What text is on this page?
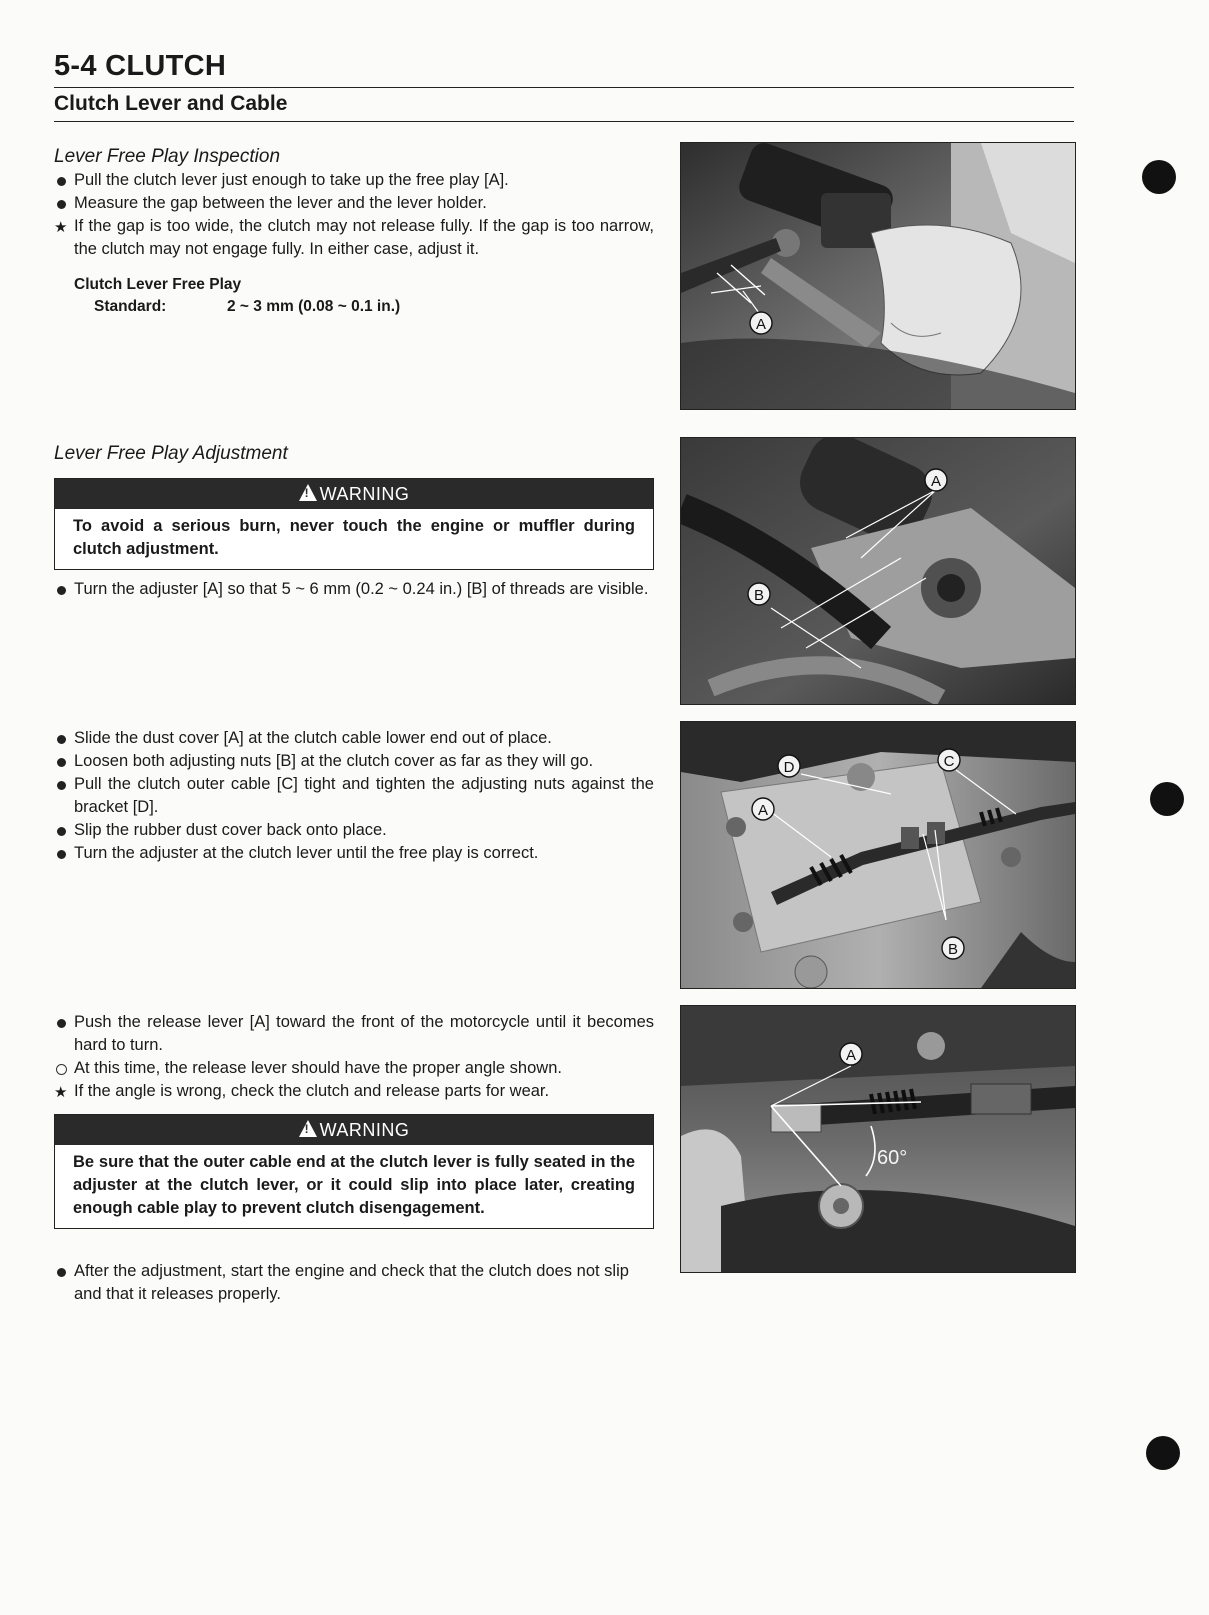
5-4 CLUTCH
Clutch Lever and Cable
Lever Free Play Inspection
Pull the clutch lever just enough to take up the free play [A].
Measure the gap between the lever and the lever holder.
★ If the gap is too wide, the clutch may not release fully. If the gap is too narrow, the clutch may not engage fully. In either case, adjust it.
Clutch Lever Free Play
Standard:	2 ~ 3 mm (0.08 ~ 0.1 in.)
Lever Free Play Adjustment
!WARNING
To avoid a serious burn, never touch the engine or muffler during clutch adjustment.
Turn the adjuster [A] so that 5 ~ 6 mm (0.2 ~ 0.24 in.) [B] of threads are visible.
Slide the dust cover [A] at the clutch cable lower end out of place.
Loosen both adjusting nuts [B] at the clutch cover as far as they will go.
Pull the clutch outer cable [C] tight and tighten the adjusting nuts against the bracket [D].
Slip the rubber dust cover back onto place.
Turn the adjuster at the clutch lever until the free play is correct.
Push the release lever [A] toward the front of the motorcycle until it becomes hard to turn.
At this time, the release lever should have the proper angle shown.
★ If the angle is wrong, check the clutch and release parts for wear.
!WARNING
Be sure that the outer cable end at the clutch lever is fully seated in the adjuster at the clutch lever, or it could slip into place later, creating enough cable play to prevent clutch disengagement.
After the adjustment, start the engine and check that the clutch does not slip and that it releases properly.
A
A
B
D	C
A
B
A
60°
